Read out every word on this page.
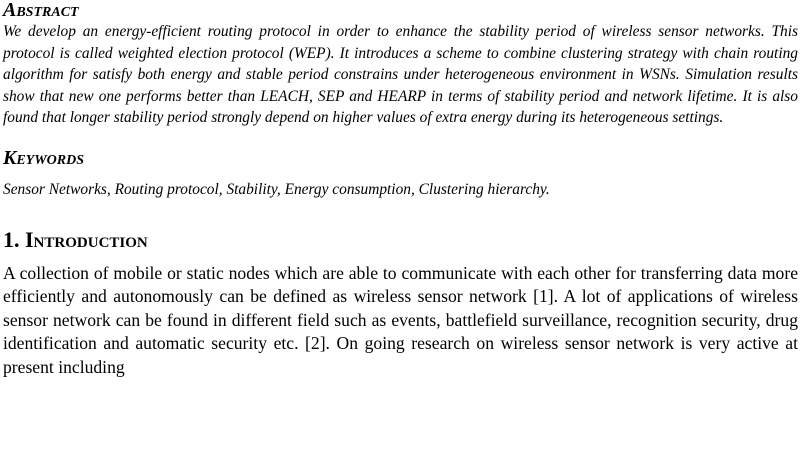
Abstract

We develop an energy-efficient routing protocol in order to enhance the stability period of wireless sensor networks. This protocol is called weighted election protocol (WEP). It introduces a scheme to combine clustering strategy with chain routing algorithm for satisfy both energy and stable period constrains under heterogeneous environment in WSNs. Simulation results show that new one performs better than LEACH, SEP and HEARP in terms of stability period and network lifetime. It is also found that longer stability period strongly depend on higher values of extra energy during its heterogeneous settings.

Keywords

Sensor Networks, Routing protocol, Stability, Energy consumption, Clustering hierarchy.

1. Introduction

A collection of mobile or static nodes which are able to communicate with each other for transferring data more efficiently and autonomously can be defined as wireless sensor network [1]. A lot of applications of wireless sensor network can be found in different field such as events, battlefield surveillance, recognition security, drug identification and automatic security etc. [2]. On going research on wireless sensor network is very active at present including
